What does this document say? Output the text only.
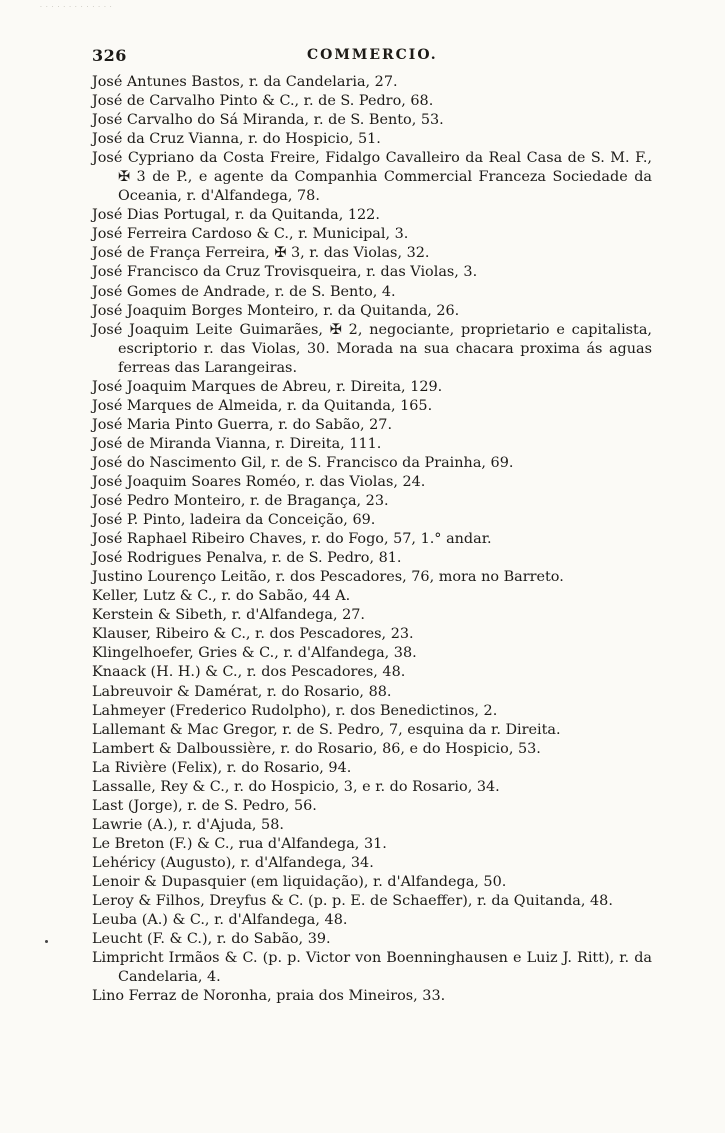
· · · · · · · · · · · · ·
326	COMMERCIO.
José Antunes Bastos, r. da Candelaria, 27.
José de Carvalho Pinto & C., r. de S. Pedro, 68.
José Carvalho do Sá Miranda, r. de S. Bento, 53.
José da Cruz Vianna, r. do Hospicio, 51.
José Cypriano da Costa Freire, Fidalgo Cavalleiro da Real Casa de S. M. F., ✠ 3 de P., e agente da Companhia Commercial Franceza Sociedade da Oceania, r. d'Alfandega, 78.
José Dias Portugal, r. da Quitanda, 122.
José Ferreira Cardoso & C., r. Municipal, 3.
José de França Ferreira, ✠ 3, r. das Violas, 32.
José Francisco da Cruz Trovisqueira, r. das Violas, 3.
José Gomes de Andrade, r. de S. Bento, 4.
José Joaquim Borges Monteiro, r. da Quitanda, 26.
José Joaquim Leite Guimarães, ✠ 2, negociante, proprietario e capitalista, escriptorio r. das Violas, 30. Morada na sua chacara proxima ás aguas ferreas das Larangeiras.
José Joaquim Marques de Abreu, r. Direita, 129.
José Marques de Almeida, r. da Quitanda, 165.
José Maria Pinto Guerra, r. do Sabão, 27.
José de Miranda Vianna, r. Direita, 111.
José do Nascimento Gil, r. de S. Francisco da Prainha, 69.
José Joaquim Soares Roméo, r. das Violas, 24.
José Pedro Monteiro, r. de Bragança, 23.
José P. Pinto, ladeira da Conceição, 69.
José Raphael Ribeiro Chaves, r. do Fogo, 57, 1.° andar.
José Rodrigues Penalva, r. de S. Pedro, 81.
Justino Lourenço Leitão, r. dos Pescadores, 76, mora no Barreto.
Keller, Lutz & C., r. do Sabão, 44 A.
Kerstein & Sibeth, r. d'Alfandega, 27.
Klauser, Ribeiro & C., r. dos Pescadores, 23.
Klingelhoefer, Gries & C., r. d'Alfandega, 38.
Knaack (H. H.) & C., r. dos Pescadores, 48.
Labreuvoir & Damérat, r. do Rosario, 88.
Lahmeyer (Frederico Rudolpho), r. dos Benedictinos, 2.
Lallemant & Mac Gregor, r. de S. Pedro, 7, esquina da r. Direita.
Lambert & Dalboussière, r. do Rosario, 86, e do Hospicio, 53.
La Rivière (Felix), r. do Rosario, 94.
Lassalle, Rey & C., r. do Hospicio, 3, e r. do Rosario, 34.
Last (Jorge), r. de S. Pedro, 56.
Lawrie (A.), r. d'Ajuda, 58.
Le Breton (F.) & C., rua d'Alfandega, 31.
Lehéricy (Augusto), r. d'Alfandega, 34.
Lenoir & Dupasquier (em liquidação), r. d'Alfandega, 50.
Leroy & Filhos, Dreyfus & C. (p. p. E. de Schaeffer), r. da Quitanda, 48.
Leuba (A.) & C., r. d'Alfandega, 48.
Leucht (F. & C.), r. do Sabão, 39.
Limpricht Irmãos & C. (p. p. Victor von Boenninghausen e Luiz J. Ritt), r. da Candelaria, 4.
Lino Ferraz de Noronha, praia dos Mineiros, 33.
